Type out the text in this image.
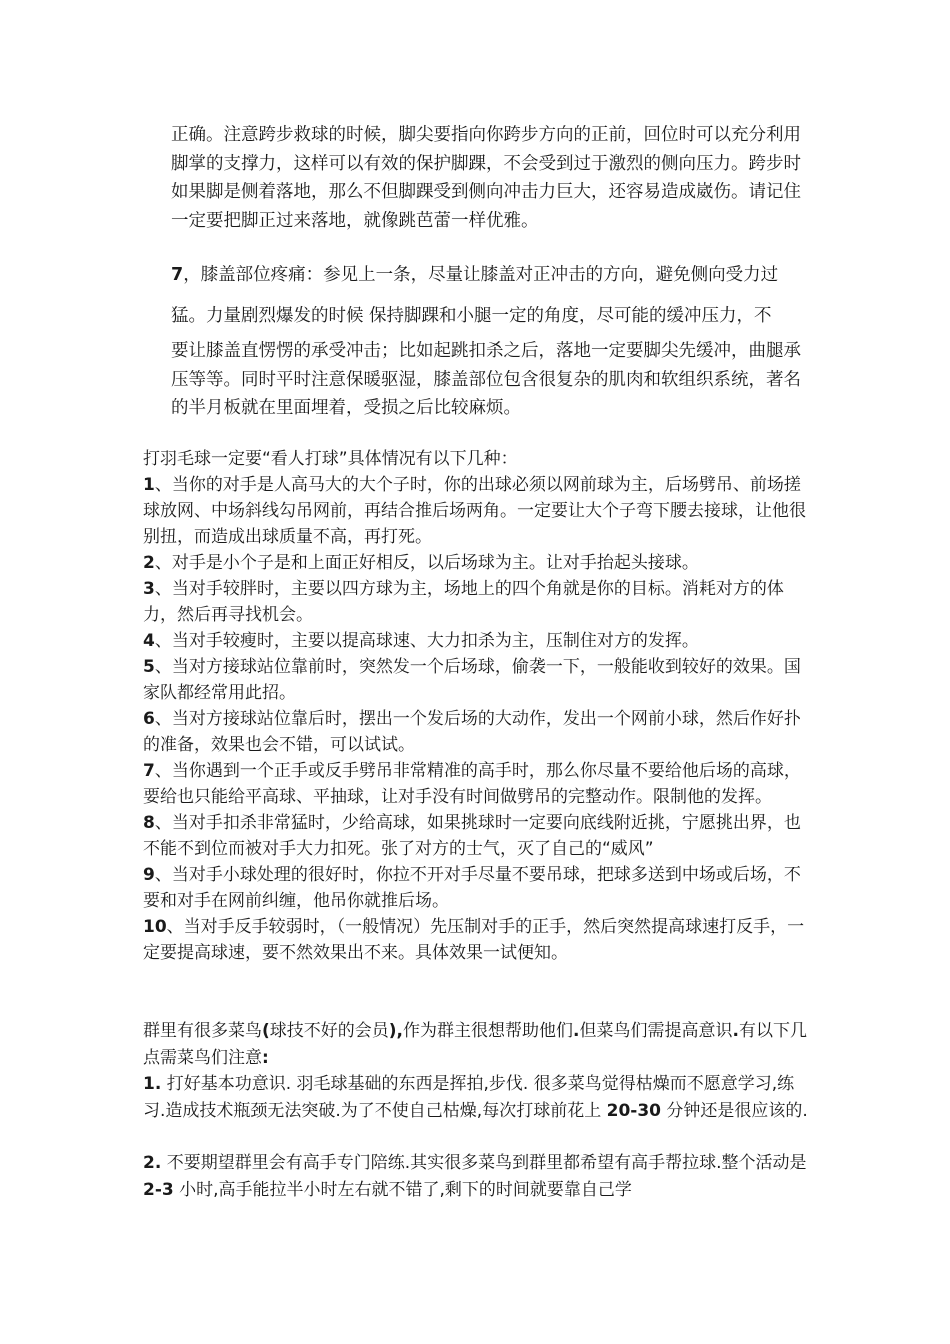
正确。注意跨步救球的时候，脚尖要指向你跨步方向的正前，回位时可以充分利用脚掌的支撑力，这样可以有效的保护脚踝，不会受到过于激烈的侧向压力。跨步时如果脚是侧着落地，那么不但脚踝受到侧向冲击力巨大，还容易造成崴伤。请记住一定要把脚正过来落地，就像跳芭蕾一样优雅。

7，膝盖部位疼痛：参见上一条，尽量让膝盖对正冲击的方向，避免侧向受力过
猛。力量剧烈爆发的时候 保持脚踝和小腿一定的角度，尽可能的缓冲压力，不

要让膝盖直愣愣的承受冲击；比如起跳扣杀之后，落地一定要脚尖先缓冲，曲腿承压等等。同时平时注意保暖驱湿，膝盖部位包含很复杂的肌肉和软组织系统，著名的半月板就在里面埋着，受损之后比较麻烦。

打羽毛球一定要“看人打球”具体情况有以下几种：

1、当你的对手是人高马大的大个子时，你的出球必须以网前球为主，后场劈吊、前场搓球放网、中场斜线勾吊网前，再结合推后场两角。一定要让大个子弯下腰去接球，让他很别扭，而造成出球质量不高，再打死。

2、对手是小个子是和上面正好相反，以后场球为主。让对手抬起头接球。

3、当对手较胖时，主要以四方球为主，场地上的四个角就是你的目标。消耗对方的体力，然后再寻找机会。

4、当对手较瘦时，主要以提高球速、大力扣杀为主，压制住对方的发挥。

5、当对方接球站位靠前时，突然发一个后场球，偷袭一下，一般能收到较好的效果。国家队都经常用此招。

6、当对方接球站位靠后时，摆出一个发后场的大动作，发出一个网前小球，然后作好扑的准备，效果也会不错，可以试试。

7、当你遇到一个正手或反手劈吊非常精准的高手时，那么你尽量不要给他后场的高球，要给也只能给平高球、平抽球，让对手没有时间做劈吊的完整动作。限制他的发挥。

8、当对手扣杀非常猛时，少给高球，如果挑球时一定要向底线附近挑，宁愿挑出界，也不能不到位而被对手大力扣死。张了对方的士气，灭了自己的“威风”

9、当对手小球处理的很好时，你拉不开对手尽量不要吊球，把球多送到中场或后场，不要和对手在网前纠缠，他吊你就推后场。

10、当对手反手较弱时，（一般情况）先压制对手的正手，然后突然提高球速打反手，一定要提高球速，要不然效果出不来。具体效果一试便知。

群里有很多菜鸟(球技不好的会员),作为群主很想帮助他们.但菜鸟们需提高意识.有以下几点需菜鸟们注意:

1. 打好基本功意识. 羽毛球基础的东西是挥拍,步伐. 很多菜鸟觉得枯燥而不愿意学习,练习.造成技术瓶颈无法突破.为了不使自己枯燥,每次打球前花上 20-30 分钟还是很应该的.

2. 不要期望群里会有高手专门陪练.其实很多菜鸟到群里都希望有高手帮拉球.整个活动是 2-3 小时,高手能拉半小时左右就不错了,剩下的时间就要靠自己学
